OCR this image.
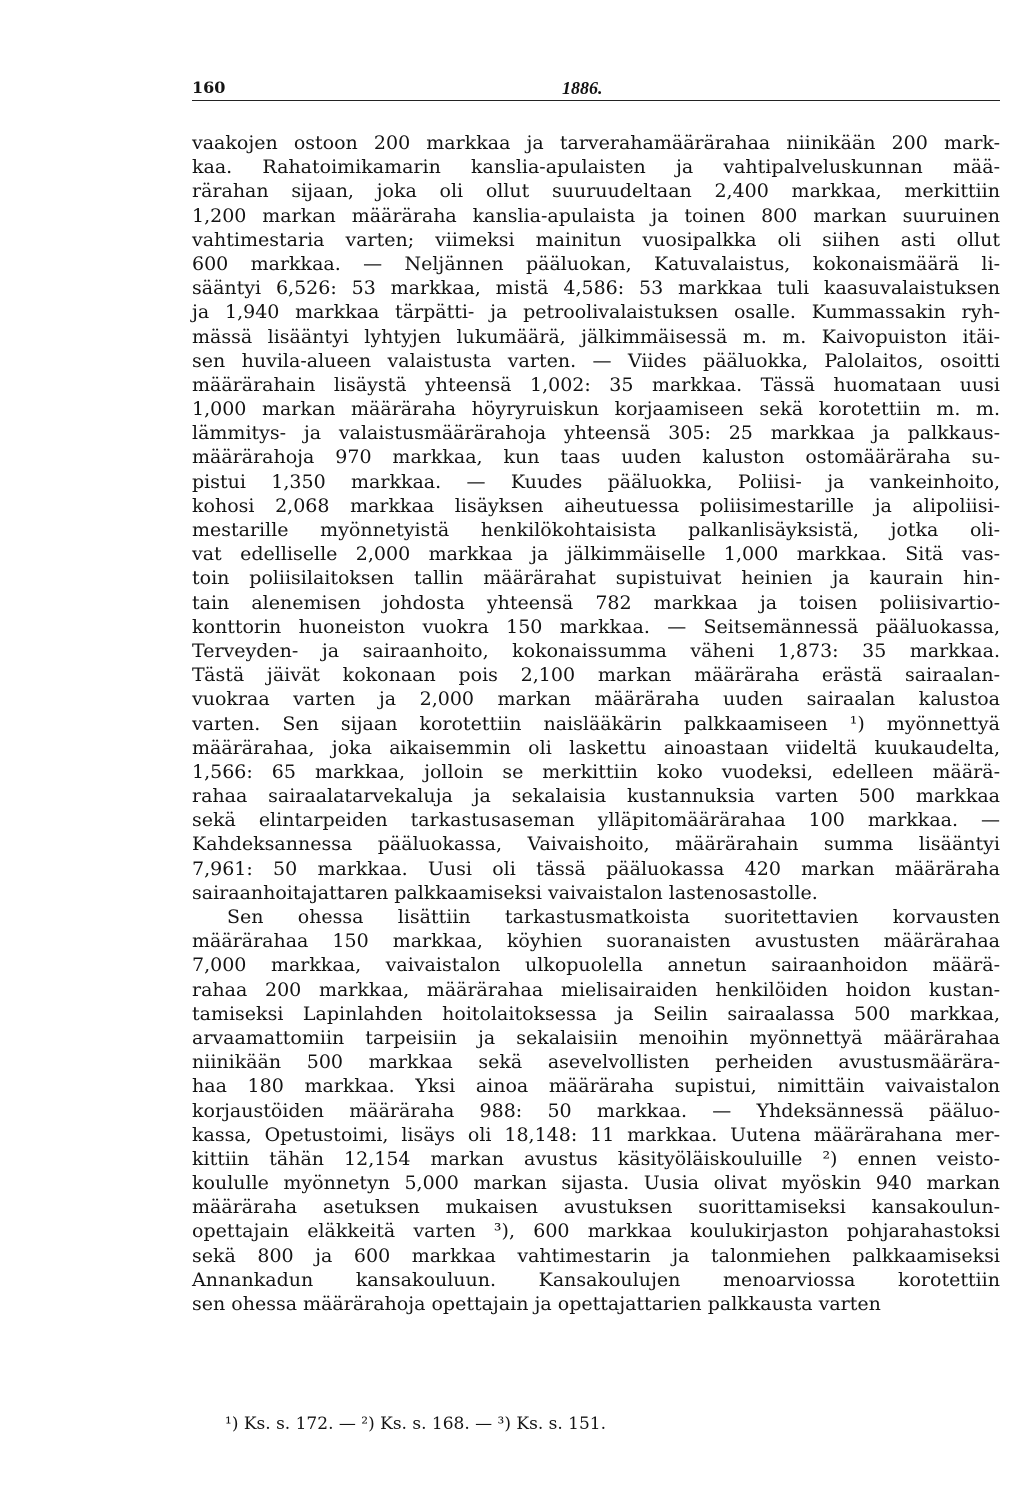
160	1886.
vaakojen ostoon 200 markkaa ja tarverahamäärärahaa niinikään 200 mark-
kaa. Rahatoimikamarin kanslia-apulaisten ja vahtipalveluskunnan mää-
rärahan sijaan, joka oli ollut suuruudeltaan 2,400 markkaa, merkittiin
1,200 markan määräraha kanslia-apulaista ja toinen 800 markan suuruinen
vahtimestaria varten; viimeksi mainitun vuosipalkka oli siihen asti ollut
600 markkaa. — Neljännen pääluokan, Katuvalaistus, kokonaismäärä li-
sääntyi 6,526: 53 markkaa, mistä 4,586: 53 markkaa tuli kaasuvalaistuksen
ja 1,940 markkaa tärpätti- ja petroolivalaistuksen osalle. Kummassakin ryh-
mässä lisääntyi lyhtyjen lukumäärä, jälkimmäisessä m. m. Kaivopuiston itäi-
sen huvila-alueen valaistusta varten. — Viides pääluokka, Palolaitos, osoitti
määrärahain lisäystä yhteensä 1,002: 35 markkaa. Tässä huomataan uusi
1,000 markan määräraha höyryruiskun korjaamiseen sekä korotettiin m. m.
lämmitys- ja valaistusmäärärahoja yhteensä 305: 25 markkaa ja palkkaus-
määrärahoja 970 markkaa, kun taas uuden kaluston ostomääräraha su-
pistui 1,350 markkaa. — Kuudes pääluokka, Poliisi- ja vankeinhoito,
kohosi 2,068 markkaa lisäyksen aiheutuessa poliisimestarille ja alipoliisi-
mestarille myönnetyistä henkilökohtaisista palkanlisäyksistä, jotka oli-
vat edelliselle 2,000 markkaa ja jälkimmäiselle 1,000 markkaa. Sitä vas-
toin poliisilaitoksen tallin määrärahat supistuivat heinien ja kaurain hin-
tain alenemisen johdosta yhteensä 782 markkaa ja toisen poliisivartio-
konttorin huoneiston vuokra 150 markkaa. — Seitsemännessä pääluokassa,
Terveyden- ja sairaanhoito, kokonaissumma väheni 1,873: 35 markkaa.
Tästä jäivät kokonaan pois 2,100 markan määräraha erästä sairaalan-
vuokraa varten ja 2,000 markan määräraha uuden sairaalan kalustoa
varten. Sen sijaan korotettiin naislääkärin palkkaamiseen ¹) myönnettyä
määrärahaa, joka aikaisemmin oli laskettu ainoastaan viideltä kuukaudelta,
1,566: 65 markkaa, jolloin se merkittiin koko vuodeksi, edelleen määrä-
rahaa sairaalatarvekaluja ja sekalaisia kustannuksia varten 500 markkaa
sekä elintarpeiden tarkastusaseman ylläpitomäärärahaa 100 markkaa. —
Kahdeksannessa pääluokassa, Vaivaishoito, määrärahain summa lisääntyi
7,961: 50 markkaa. Uusi oli tässä pääluokassa 420 markan määräraha
sairaanhoitajattaren palkkaamiseksi vaivaistalon lastenosastolle.
Sen ohessa lisättiin tarkastusmatkoista suoritettavien korvausten
määrärahaa 150 markkaa, köyhien suoranaisten avustusten määrärahaa
7,000 markkaa, vaivaistalon ulkopuolella annetun sairaanhoidon määrä-
rahaa 200 markkaa, määrärahaa mielisairaiden henkilöiden hoidon kustan-
tamiseksi Lapinlahden hoitolaitoksessa ja Seilin sairaalassa 500 markkaa,
arvaamattomiin tarpeisiin ja sekalaisiin menoihin myönnettyä määrärahaa
niinikään 500 markkaa sekä asevelvollisten perheiden avustusmäärära-
haa 180 markkaa. Yksi ainoa määräraha supistui, nimittäin vaivaistalon
korjaustöiden määräraha 988: 50 markkaa. — Yhdeksännessä pääluo-
kassa, Opetustoimi, lisäys oli 18,148: 11 markkaa. Uutena määrärahana mer-
kittiin tähän 12,154 markan avustus käsityöläiskouluille ²) ennen veisto-
koululle myönnetyn 5,000 markan sijasta. Uusia olivat myöskin 940 markan
määräraha asetuksen mukaisen avustuksen suorittamiseksi kansakoulun-
opettajain eläkkeitä varten ³), 600 markkaa koulukirjaston pohjarahastoksi
sekä 800 ja 600 markkaa vahtimestarin ja talonmiehen palkkaamiseksi
Annankadun kansakouluun. Kansakoulujen menoarviossa korotettiin
sen ohessa määrärahoja opettajain ja opettajattarien palkkausta varten
¹) Ks. s. 172. — ²) Ks. s. 168. — ³) Ks. s. 151.
